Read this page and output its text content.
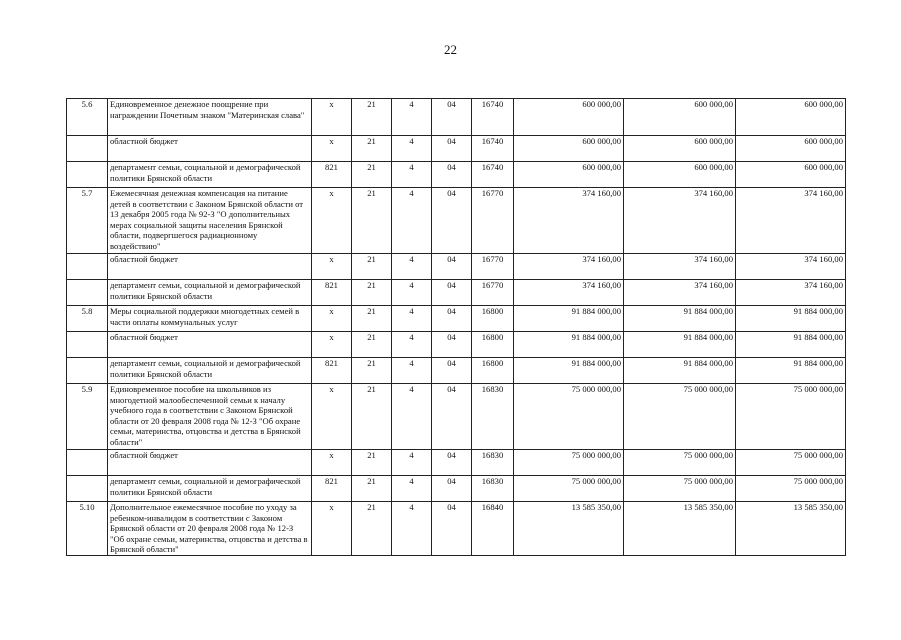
22
5.6	Единовременное денежное поощрение при награждении Почетным знаком "Материнская слава"	х	21	4	04	16740	600 000,00	600 000,00	600 000,00
	областной бюджет	х	21	4	04	16740	600 000,00	600 000,00	600 000,00
	департамент семьи, социальной и демографической политики Брянской области	821	21	4	04	16740	600 000,00	600 000,00	600 000,00
5.7	Ежемесячная денежная компенсация на питание детей в соответствии с Законом Брянской области от 13 декабря 2005 года № 92-З "О дополнительных мерах социальной защиты населения Брянской области, подвергшегося радиационному воздействию"	х	21	4	04	16770	374 160,00	374 160,00	374 160,00
	областной бюджет	х	21	4	04	16770	374 160,00	374 160,00	374 160,00
	департамент семьи, социальной и демографической политики Брянской области	821	21	4	04	16770	374 160,00	374 160,00	374 160,00
5.8	Меры социальной поддержки многодетных семей в части оплаты коммунальных услуг	х	21	4	04	16800	91 884 000,00	91 884 000,00	91 884 000,00
	областной бюджет	х	21	4	04	16800	91 884 000,00	91 884 000,00	91 884 000,00
	департамент семьи, социальной и демографической политики Брянской области	821	21	4	04	16800	91 884 000,00	91 884 000,00	91 884 000,00
5.9	Единовременное пособие на школьников из многодетной малообеспеченной семьи к началу учебного года в соответствии с Законом Брянской области от 20 февраля 2008 года № 12-З "Об охране семьи, материнства, отцовства и детства в Брянской области"	х	21	4	04	16830	75 000 000,00	75 000 000,00	75 000 000,00
	областной бюджет	х	21	4	04	16830	75 000 000,00	75 000 000,00	75 000 000,00
	департамент семьи, социальной и демографической политики Брянской области	821	21	4	04	16830	75 000 000,00	75 000 000,00	75 000 000,00
5.10	Дополнительное ежемесячное пособие по уходу за ребенком-инвалидом в соответствии с Законом Брянской области от 20 февраля 2008 года № 12-З "Об охране семьи, материнства, отцовства и детства в Брянской области"	х	21	4	04	16840	13 585 350,00	13 585 350,00	13 585 350,00
